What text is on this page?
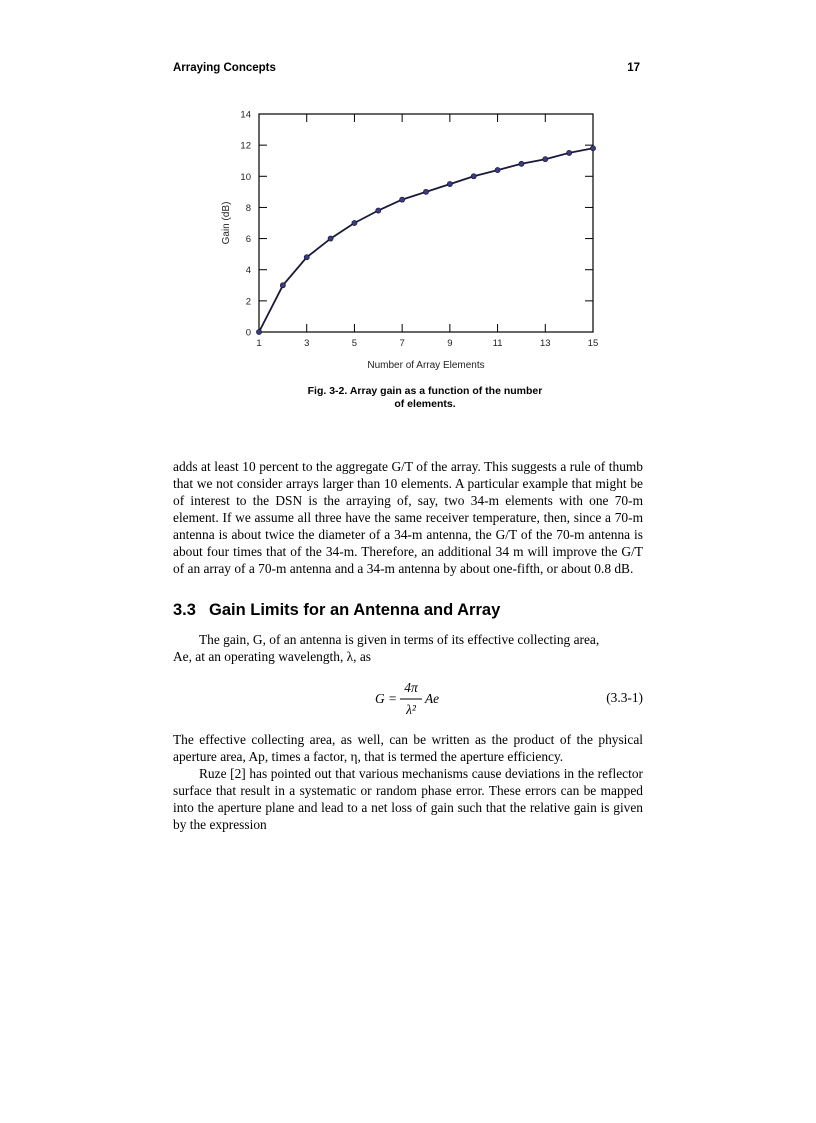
Arraying Concepts	17
1	3	5	7	9	11	13	15
0
2
4
6
8
10
12
14
Number of Array Elements
Gain (dB)
Fig. 3-2. Array gain as a function of the number
of elements.

adds at least 10 percent to the aggregate G/T of the array. This suggests a rule of thumb that we not consider arrays larger than 10 elements. A particular example that might be of interest to the DSN is the arraying of, say, two 34-m elements with one 70-m element. If we assume all three have the same receiver temperature, then, since a 70-m antenna is about twice the diameter of a 34-m antenna, the G/T of the 70-m antenna is about four times that of the 34-m. Therefore, an additional 34 m will improve the G/T of an array of a 70-m antenna and a 34-m antenna by about one-fifth, or about 0.8 dB.

3.3 Gain Limits for an Antenna and Array

The gain, G, of an antenna is given in terms of its effective collecting area,
Ae, at an operating wavelength, λ, as

G =
4π
λ²
Ae	(3.3-1)

The effective collecting area, as well, can be written as the product of the physical aperture area, Ap, times a factor, η, that is termed the aperture efficiency.

Ruze [2] has pointed out that various mechanisms cause deviations in the reflector surface that result in a systematic or random phase error. These errors can be mapped into the aperture plane and lead to a net loss of gain such that the relative gain is given by the expression
